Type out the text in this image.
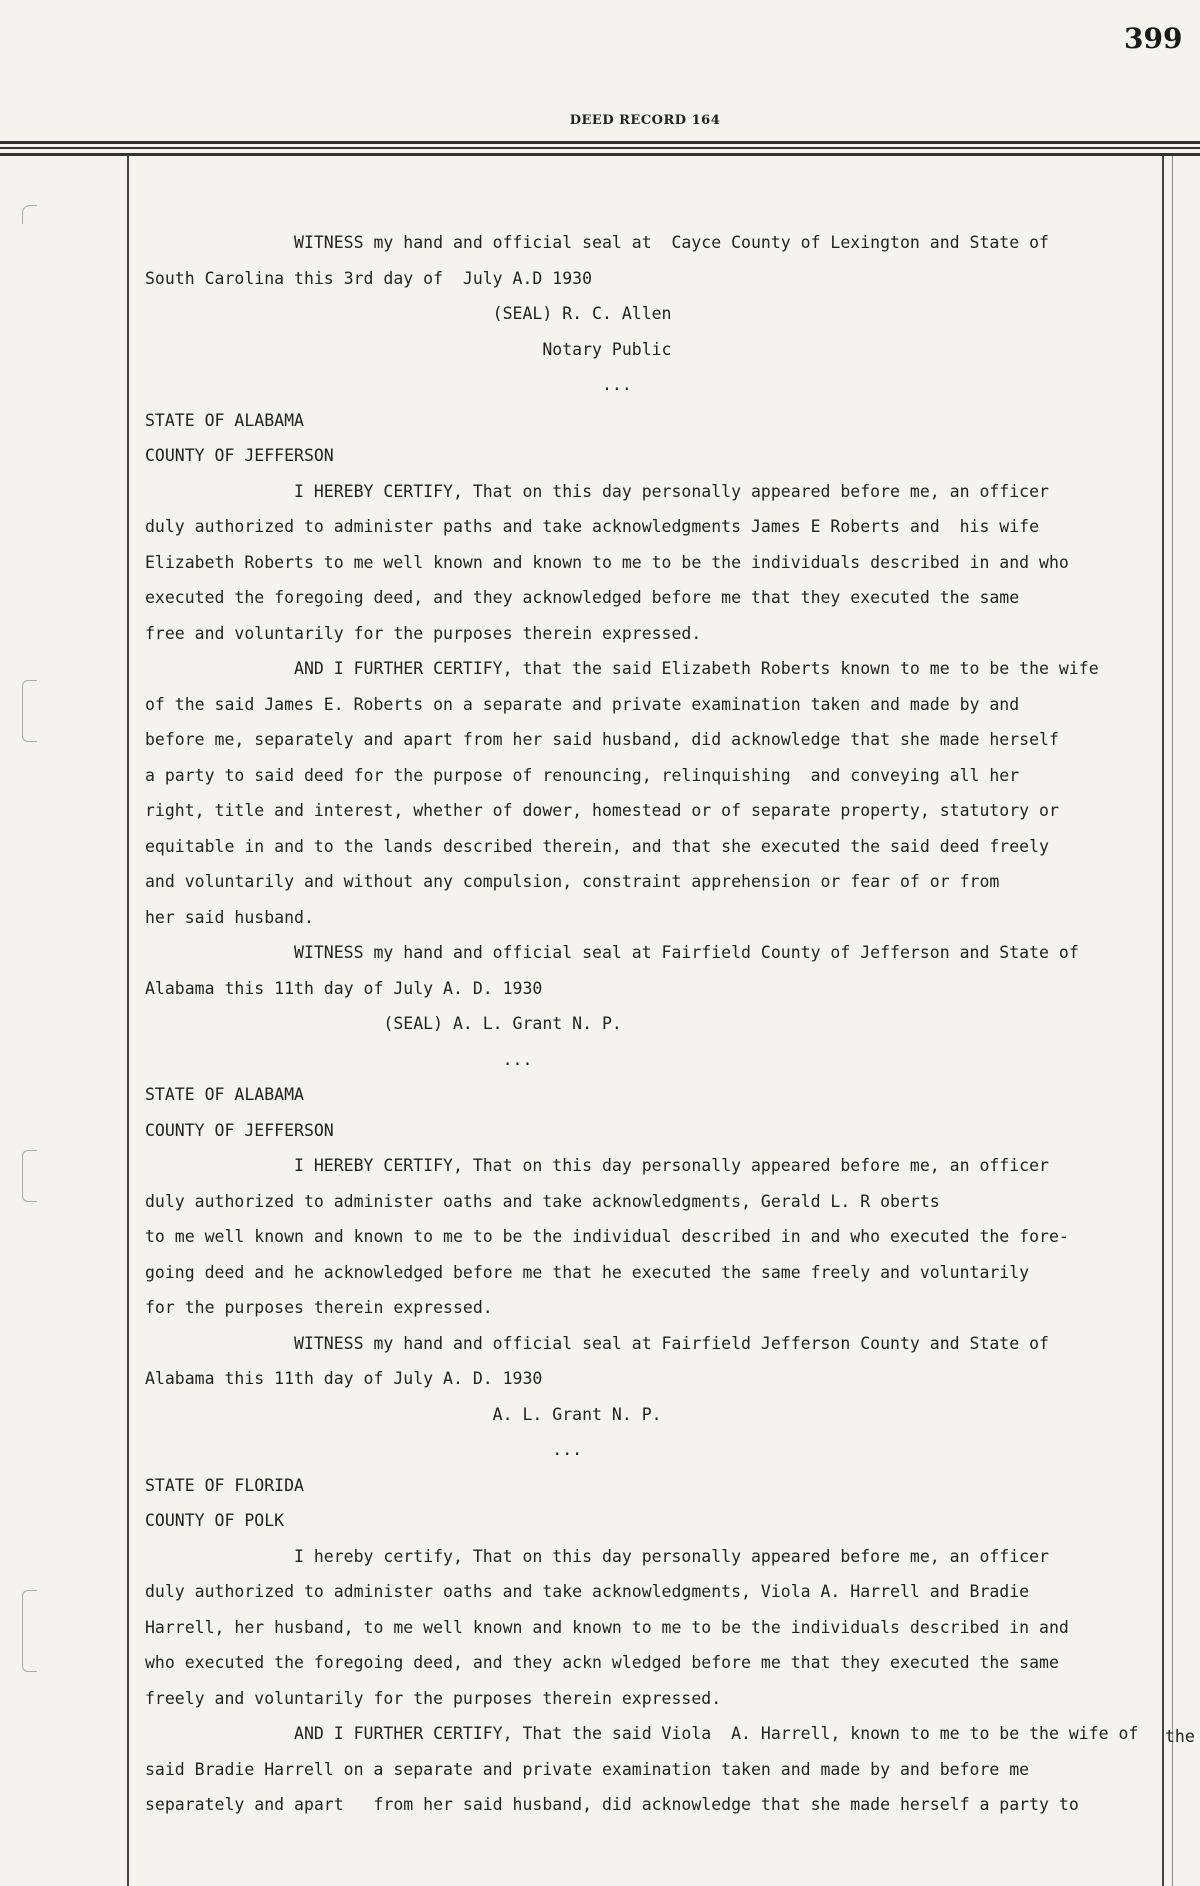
399
DEED RECORD 164
WITNESS my hand and official seal at  Cayce County of Lexington and State of
South Carolina this 3rd day of  July A.D 1930
(SEAL) R. C. Allen
Notary Public
...
STATE OF ALABAMA
COUNTY OF JEFFERSON
I HEREBY CERTIFY, That on this day personally appeared before me, an officer
duly authorized to administer paths and take acknowledgments James E Roberts and  his wife
Elizabeth Roberts to me well known and known to me to be the individuals described in and who
executed the foregoing deed, and they acknowledged before me that they executed the same
free and voluntarily for the purposes therein expressed.
AND I FURTHER CERTIFY, that the said Elizabeth Roberts known to me to be the wife
of the said James E. Roberts on a separate and private examination taken and made by and
before me, separately and apart from her said husband, did acknowledge that she made herself
a party to said deed for the purpose of renouncing, relinquishing  and conveying all her
right, title and interest, whether of dower, homestead or of separate property, statutory or
equitable in and to the lands described therein, and that she executed the said deed freely
and voluntarily and without any compulsion, constraint apprehension or fear of or from
her said husband.
WITNESS my hand and official seal at Fairfield County of Jefferson and State of
Alabama this 11th day of July A. D. 1930
(SEAL) A. L. Grant N. P.
...
STATE OF ALABAMA
COUNTY OF JEFFERSON
I HEREBY CERTIFY, That on this day personally appeared before me, an officer
duly authorized to administer oaths and take acknowledgments, Gerald L. R oberts
to me well known and known to me to be the individual described in and who executed the fore-
going deed and he acknowledged before me that he executed the same freely and voluntarily
for the purposes therein expressed.
WITNESS my hand and official seal at Fairfield Jefferson County and State of
Alabama this 11th day of July A. D. 1930
A. L. Grant N. P.
...
STATE OF FLORIDA
COUNTY OF POLK
I hereby certify, That on this day personally appeared before me, an officer
duly authorized to administer oaths and take acknowledgments, Viola A. Harrell and Bradie
Harrell, her husband, to me well known and known to me to be the individuals described in and
who executed the foregoing deed, and they ackn wledged before me that they executed the same
freely and voluntarily for the purposes therein expressed.
AND I FURTHER CERTIFY, That the said Viola  A. Harrell, known to me to be the wife of
said Bradie Harrell on a separate and private examination taken and made by and before me
separately and apart   from her said husband, did acknowledge that she made herself a party to
the
